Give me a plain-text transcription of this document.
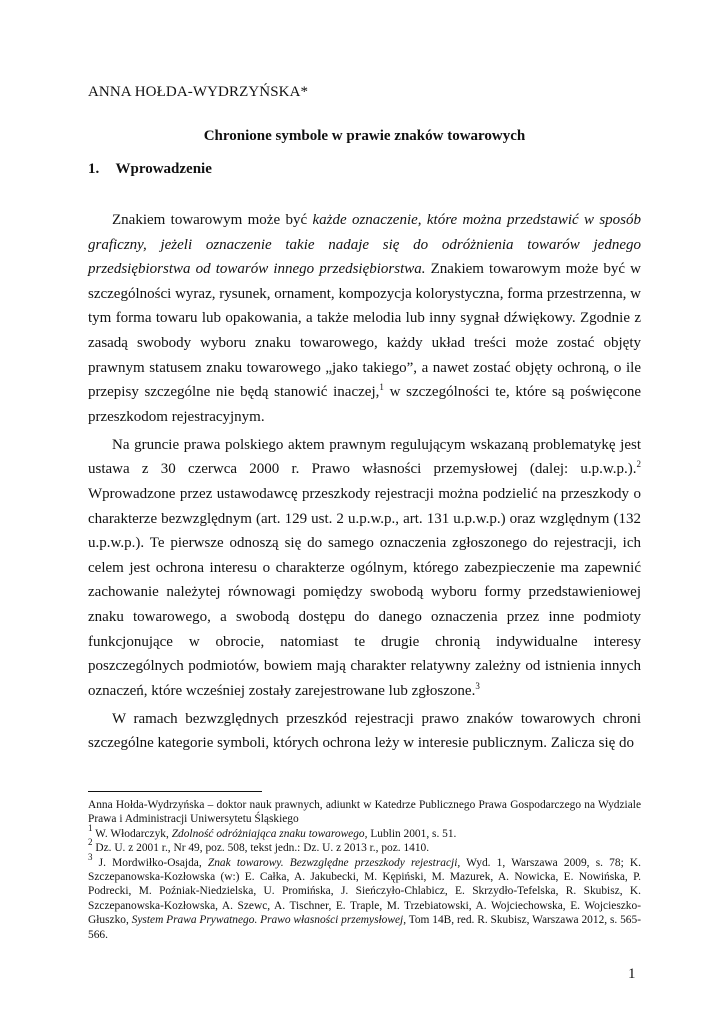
ANNA HOŁDA-WYDRZYŃSKA*
Chronione symbole w prawie znaków towarowych
1. Wprowadzenie

Znakiem towarowym może być każde oznaczenie, które można przedstawić w sposób graficzny, jeżeli oznaczenie takie nadaje się do odróżnienia towarów jednego przedsiębiorstwa od towarów innego przedsiębiorstwa. Znakiem towarowym może być w szczególności wyraz, rysunek, ornament, kompozycja kolorystyczna, forma przestrzenna, w tym forma towaru lub opakowania, a także melodia lub inny sygnał dźwiękowy. Zgodnie z zasadą swobody wyboru znaku towarowego, każdy układ treści może zostać objęty prawnym statusem znaku towarowego „jako takiego”, a nawet zostać objęty ochroną, o ile przepisy szczególne nie będą stanowić inaczej,$^1$ w szczególności te, które są poświęcone przeszkodom rejestracyjnym.

Na gruncie prawa polskiego aktem prawnym regulującym wskazaną problematykę jest ustawa z 30 czerwca 2000 r. Prawo własności przemysłowej (dalej: u.p.w.p.).$^2$ Wprowadzone przez ustawodawcę przeszkody rejestracji można podzielić na przeszkody o charakterze bezwzględnym (art. 129 ust. 2 u.p.w.p., art. 131 u.p.w.p.) oraz względnym (132 u.p.w.p.). Te pierwsze odnoszą się do samego oznaczenia zgłoszonego do rejestracji, ich celem jest ochrona interesu o charakterze ogólnym, którego zabezpieczenie ma zapewnić zachowanie należytej równowagi pomiędzy swobodą wyboru formy przedstawieniowej znaku towarowego, a swobodą dostępu do danego oznaczenia przez inne podmioty funkcjonujące w obrocie, natomiast te drugie chronią indywidualne interesy poszczególnych podmiotów, bowiem mają charakter relatywny zależny od istnienia innych oznaczeń, które wcześniej zostały zarejestrowane lub zgłoszone.$^3$

W ramach bezwzględnych przeszkód rejestracji prawo znaków towarowych chroni szczególne kategorie symboli, których ochrona leży w interesie publicznym. Zalicza się do

Anna Hołda-Wydrzyńska – doktor nauk prawnych, adiunkt w Katedrze Publicznego Prawa Gospodarczego na Wydziale Prawa i Administracji Uniwersytetu Śląskiego

$^1$ W. Włodarczyk, Zdolność odróżniająca znaku towarowego, Lublin 2001, s. 51.

$^2$ Dz. U. z 2001 r., Nr 49, poz. 508, tekst jedn.: Dz. U. z 2013 r., poz. 1410.

$^3$ J. Mordwiłko-Osajda, Znak towarowy. Bezwzględne przeszkody rejestracji, Wyd. 1, Warszawa 2009, s. 78; K. Szczepanowska-Kozłowska (w:) E. Całka, A. Jakubecki, M. Kępiński, M. Mazurek, A. Nowicka, E. Nowińska, P. Podrecki, M. Poźniak-Niedzielska, U. Promińska, J. Sieńczyło-Chlabicz, E. Skrzydło-Tefelska, R. Skubisz, K. Szczepanowska-Kozłowska, A. Szewc, A. Tischner, E. Traple, M. Trzebiatowski, A. Wojciechowska, E. Wojcieszko-Głuszko, System Prawa Prywatnego. Prawo własności przemysłowej, Tom 14B, red. R. Skubisz, Warszawa 2012, s. 565-566.

1
